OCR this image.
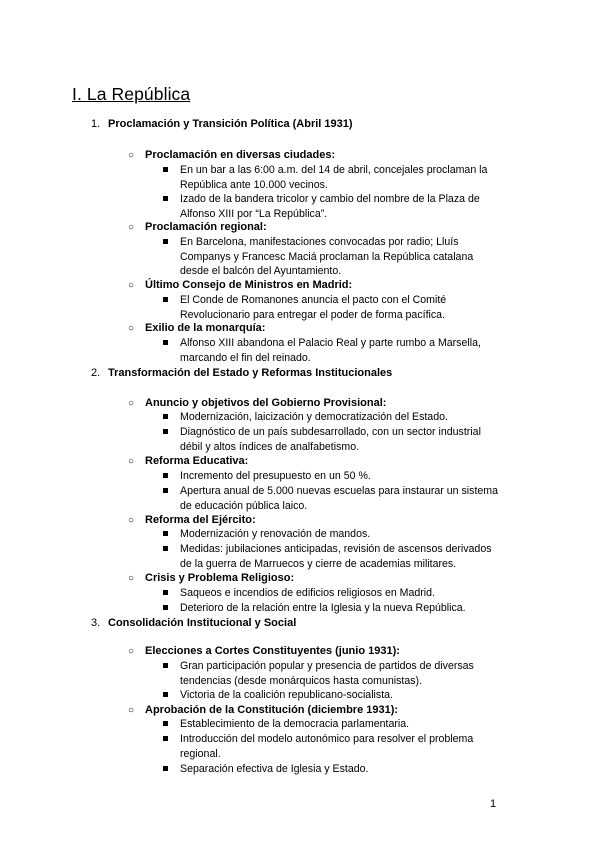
I. La República
1. Proclamación y Transición Política (Abril 1931)
○ Proclamación en diversas ciudades:
En un bar a las 6:00 a.m. del 14 de abril, concejales proclaman la República ante 10.000 vecinos.
Izado de la bandera tricolor y cambio del nombre de la Plaza de Alfonso XIII por “La República”.
○ Proclamación regional:
En Barcelona, manifestaciones convocadas por radio; Lluís Companys y Francesc Maciá proclaman la República catalana desde el balcón del Ayuntamiento.
○ Último Consejo de Ministros en Madrid:
El Conde de Romanones anuncia el pacto con el Comité Revolucionario para entregar el poder de forma pacífica.
○ Exilio de la monarquía:
Alfonso XIII abandona el Palacio Real y parte rumbo a Marsella, marcando el fin del reinado.
2. Transformación del Estado y Reformas Institucionales
○ Anuncio y objetivos del Gobierno Provisional:
Modernización, laicización y democratización del Estado.
Diagnóstico de un país subdesarrollado, con un sector industrial débil y altos índices de analfabetismo.
○ Reforma Educativa:
Incremento del presupuesto en un 50 %.
Apertura anual de 5.000 nuevas escuelas para instaurar un sistema de educación pública laico.
○ Reforma del Ejército:
Modernización y renovación de mandos.
Medidas: jubilaciones anticipadas, revisión de ascensos derivados de la guerra de Marruecos y cierre de academias militares.
○ Crisis y Problema Religioso:
Saqueos e incendios de edificios religiosos en Madrid.
Deterioro de la relación entre la Iglesia y la nueva República.
3. Consolidación Institucional y Social
○ Elecciones a Cortes Constituyentes (junio 1931):
Gran participación popular y presencia de partidos de diversas tendencias (desde monárquicos hasta comunistas).
Victoria de la coalición republicano-socialista.
○ Aprobación de la Constitución (diciembre 1931):
Establecimiento de la democracia parlamentaria.
Introducción del modelo autonómico para resolver el problema regional.
Separación efectiva de Iglesia y Estado.
1
